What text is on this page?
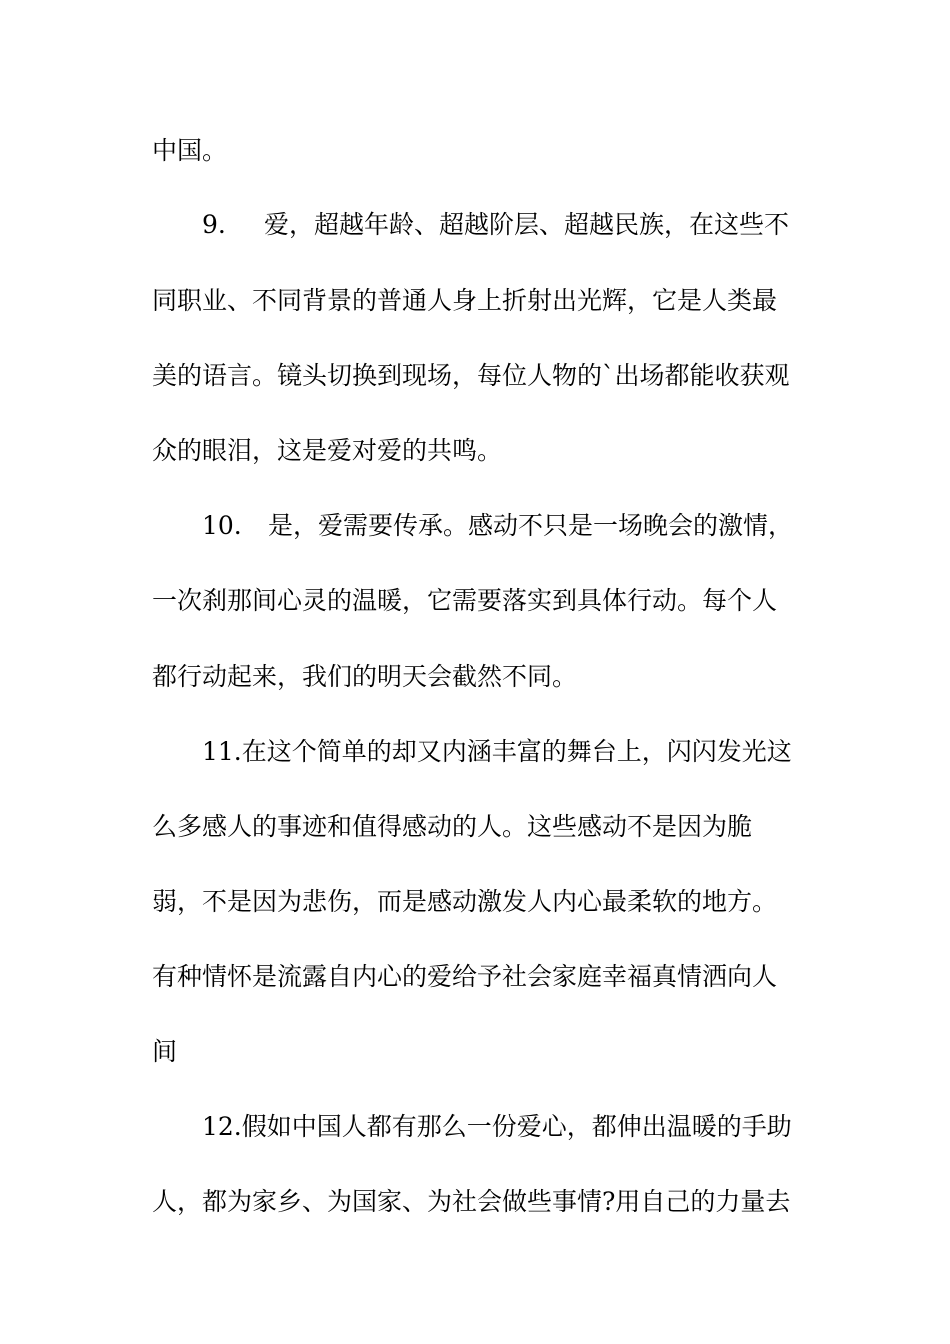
中国。
9. 爱，超越年龄、超越阶层、超越民族，在这些不
同职业、不同背景的普通人身上折射出光辉，它是人类最
美的语言。镜头切换到现场，每位人物的`出场都能收获观
众的眼泪，这是爱对爱的共鸣。
10. 是，爱需要传承。感动不只是一场晚会的激情，
一次刹那间心灵的温暖，它需要落实到具体行动。每个人
都行动起来，我们的明天会截然不同。
11.在这个简单的却又内涵丰富的舞台上，闪闪发光这
么多感人的事迹和值得感动的人。这些感动不是因为脆
弱，不是因为悲伤，而是感动激发人内心最柔软的地方。
有种情怀是流露自内心的爱给予社会家庭幸福真情洒向人
间
12.假如中国人都有那么一份爱心，都伸出温暖的手助
人，都为家乡、为国家、为社会做些事情?用自己的力量去
